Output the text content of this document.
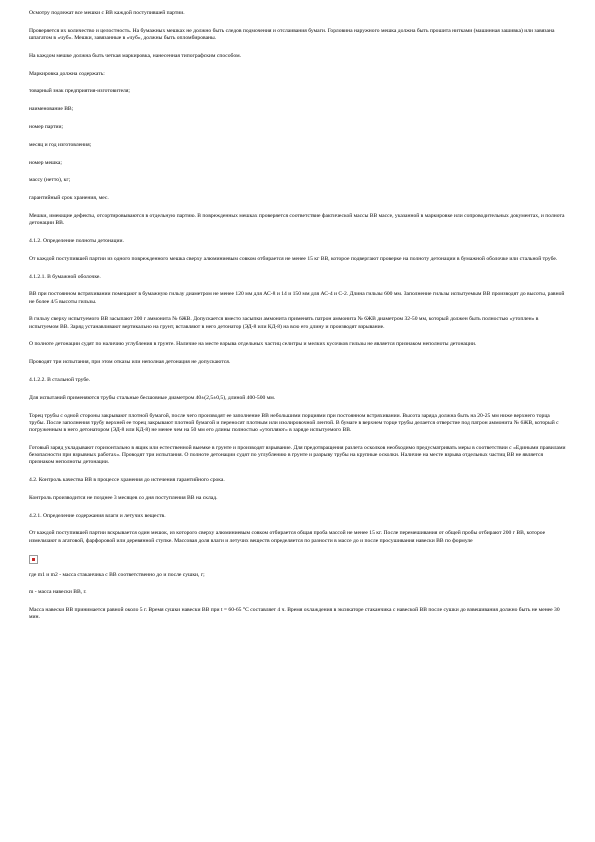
Осмотру подлежат все мешки с ВВ каждой поступившей партии.

Проверяется их количество и целостность. На бумажных мешках не должно быть следов подмочения и отслаивания бумаги. Горловина наружного мешка должна быть прошита нитками (машинная зашивка) или завязана шпагатом в «чуб». Мешки, завязанные в «чуб», должны быть опломбированы.

На каждом мешке должна быть четкая маркировка, нанесенная типографским способом.

Маркировка должна содержать:

товарный знак предприятия-изготовителя;

наименование ВВ;

номер партии;

месяц и год изготовления;

номер мешка;

массу (нетто), кг;

гарантийный срок хранения, мес.

Мешки, имеющие дефекты, отсортировываются в отдельную партию. В поврежденных мешках проверяется соответствие фактической массы ВВ массе, указанной в маркировке или сопроводительных документах, и полнота детонации ВВ.

4.1.2. Определение полноты детонации.

От каждой поступившей партии из одного поврежденного мешка сверху алюминиевым совком отбирается не менее 15 кг ВВ, которое подвергают проверке на полноту детонации в бумажной оболочке или стальной трубе.

4.1.2.1. В бумажной оболочке.

ВВ при постоянном встряхивании помещают в бумажную гильзу диаметром не менее 120 мм для АС-8 и 14 и 150 мм для АС-4 и С-2. Длина гильзы 600 мм. Заполнение гильзы испытуемым ВВ производят до высоты, равной не более 4/5 высоты гильзы.

В гильзу сверху испытуемого ВВ засыпают 200 г аммонита № 6ЖВ. Допускается вместо засыпки аммонита применять патрон аммонита № 6ЖВ диаметром 32-50 мм, который должен быть полностью «утоплен» в испытуемом ВВ. Заряд устанавливают вертикально на грунт, вставляют в него детонатор (ЭД-8 или КД-8) на всю его длину и производят взрывание.

О полноте детонации судят по наличию углубления в грунте. Наличие на месте взрыва отдельных частиц селитры и мелких кусочков гильзы не является признаком неполноты детонации.

Проводят три испытания, при этом отказы или неполная детонация не допускаются.

4.1.2.2. В стальной трубе.

Для испытаний применяются трубы стальные бесшовные диаметром 40±(2,5±0,5), длиной 400-500 мм.

Торец трубы с одной стороны закрывают плотной бумагой, после чего производят ее заполнение ВВ небольшими порциями при постоянном встряхивании. Высота заряда должна быть на 20-25 мм ниже верхнего торца трубы. После заполнения трубу верхней ее торец закрывают плотной бумагой и переносят плотным или изолировочной лентой. В бумаге в верхнем торце трубы делается отверстие под патрон аммонита № 6ЖВ, который с погруженным в него детонатором (ЭД-8 или КД-8) не менее чем на 50 мм его длины полностью «утопляют» в заряде испытуемого ВВ.

Готовый заряд укладывают горизонтально в ящик или естественной выемке в грунте и производят взрывание. Для предотвращения разлета осколков необходимо предусматривать меры в соответствии с «Едиными правилами безопасности при взрывных работах». Проводят три испытания. О полноте детонации судят по углублению в грунте и разрыву трубы на крупные осколки. Наличие на месте взрыва отдельных частиц ВВ не является признаком неполноты детонации.

4.2. Контроль качества ВВ в процессе хранения до истечения гарантийного срока.

Контроль производится не позднее 3 месяцев со дня поступления ВВ на склад.

4.2.1. Определение содержания влаги и летучих веществ.

От каждой поступившей партии вскрывается один мешок, из которого сверху алюминиевым совком отбирается общая проба массой не менее 15 кг. После перемешивания от общей пробы отбирают 200 г ВВ, которое измельчают в агатовой, фарфоровой или деревянной ступке. Массовая доля влаги и летучих веществ определяется по разности в массе до и после просушивания навески ВВ по формуле

где m1 и m2 - масса стаканчика с ВВ соответственно до и после сушки, г;

m - масса навески ВВ, г.

Масса навески ВВ принимается равной около 5 г. Время сушки навески ВВ при t = 60-65 °С составляет 4 ч. Время охлаждения в эксикаторе стаканчика с навеской ВВ после сушки до взвешивания должно быть не менее 30 мин.
